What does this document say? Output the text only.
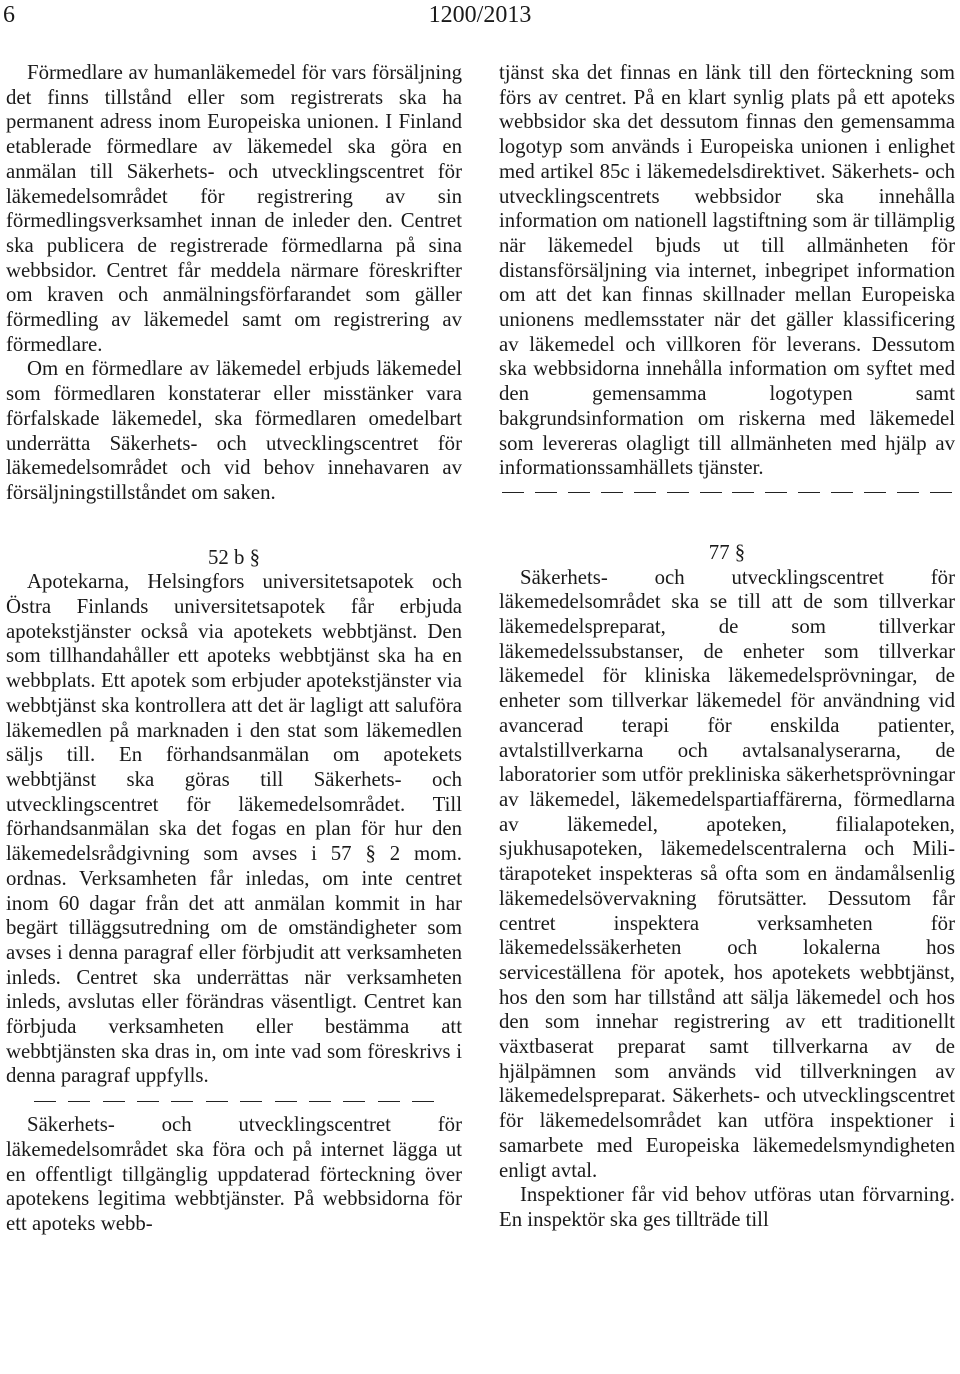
1200/2013
6

Förmedlare av humanläkemedel för vars försäljning det finns tillstånd eller som registrerats ska ha permanent adress inom Europeiska unionen. I Finland etablerade förmedlare av läkemedel ska göra en anmälan till Säkerhets- och utvecklingscentret för läkemedelsområdet för registrering av sin förmedlingsverksamhet innan de inleder den. Centret ska publicera de registrerade förmedlarna på sina webbsidor. Centret får meddela närmare föreskrifter om kraven och anmälningsförfarandet som gäller förmedling av läkemedel samt om registrering av förmedlare.

Om en förmedlare av läkemedel erbjuds läkemedel som förmedlaren konstaterar eller misstänker vara förfalskade läkemedel, ska förmedlaren omedelbart underrätta Säkerhets- och utvecklingscentret för läkemedelsområdet och vid behov innehavaren av försäljningstillståndet om saken.

52 b §

Apotekarna, Helsingfors universitetsapotek och Östra Finlands universitetsapotek får erbjuda apotekstjänster också via apotekets webbtjänst. Den som tillhandahåller ett apoteks webbtjänst ska ha en webbplats. Ett apotek som erbjuder apotekstjänster via webbtjänst ska kontrollera att det är lagligt att saluföra läkemedlen på marknaden i den stat som läkemedlen säljs till. En förhandsanmälan om apotekets webbtjänst ska göras till Säkerhets- och utvecklingscentret för läkemedelsområdet. Till förhandsanmälan ska det fogas en plan för hur den läkemedelsrådgivning som avses i 57 § 2 mom. ordnas. Verksamheten får inledas, om inte centret inom 60 dagar från det att anmälan kommit in har begärt tilläggsutredning om de omständigheter som avses i denna paragraf eller förbjudit att verksamheten inleds. Centret ska underrättas när verksamheten inleds, avslutas eller förändras väsentligt. Centret kan förbjuda verksamheten eller bestämma att webbtjänsten ska dras in, om inte vad som föreskrivs i denna paragraf uppfylls.

Säkerhets- och utvecklingscentret för läkemedelsområdet ska föra och på internet lägga ut en offentligt tillgänglig uppdaterad förteckning över apotekens legitima webbtjänster. På webbsidorna för ett apoteks webb-

tjänst ska det finnas en länk till den förteckning som förs av centret. På en klart synlig plats på ett apoteks webbsidor ska det dessutom finnas den gemensamma logotyp som används i Europeiska unionen i enlighet med artikel 85c i läkemedelsdirektivet. Säkerhets- och utvecklingscentrets webbsidor ska innehålla information om nationell lagstiftning som är tillämplig när läkemedel bjuds ut till allmänheten för distansförsäljning via internet, inbegripet information om att det kan finnas skillnader mellan Europeiska unionens medlemsstater när det gäller klassificering av läkemedel och villkoren för leverans. Dessutom ska webbsidorna innehålla information om syftet med den gemensamma logotypen samt bakgrundsinformation om riskerna med läkemedel som levereras olagligt till allmänheten med hjälp av informationssamhällets tjänster.

77 §

Säkerhets- och utvecklingscentret för läkemedelsområdet ska se till att de som tillverkar läkemedelspreparat, de som tillverkar läkemedelssubstanser, de enheter som tillverkar läkemedel för kliniska läkemedelsprövningar, de enheter som tillverkar läkemedel för användning vid avancerad terapi för enskilda patienter, avtalstillverkarna och avtalsanalyserarna, de laboratorier som utför prekliniska säkerhetsprövningar av läkemedel, läkemedelspartiaffärerna, förmedlarna av läkemedel, apoteken, filialapoteken, sjukhusapoteken, läkemedelscentralerna och Mili-tärapoteket inspekteras så ofta som en ändamålsenlig läkemedelsövervakning förutsätter. Dessutom får centret inspektera verksamheten för läkemedelssäkerheten och lokalerna hos serviceställena för apotek, hos apotekets webbtjänst, hos den som har tillstånd att sälja läkemedel och hos den som innehar registrering av ett traditionellt växtbaserat preparat samt tillverkarna av de hjälpämnen som används vid tillverkningen av läkemedelspreparat. Säkerhets- och utvecklingscentret för läkemedelsområdet kan utföra inspektioner i samarbete med Europeiska läkemedelsmyndigheten enligt avtal.

Inspektioner får vid behov utföras utan förvarning. En inspektör ska ges tillträde till
